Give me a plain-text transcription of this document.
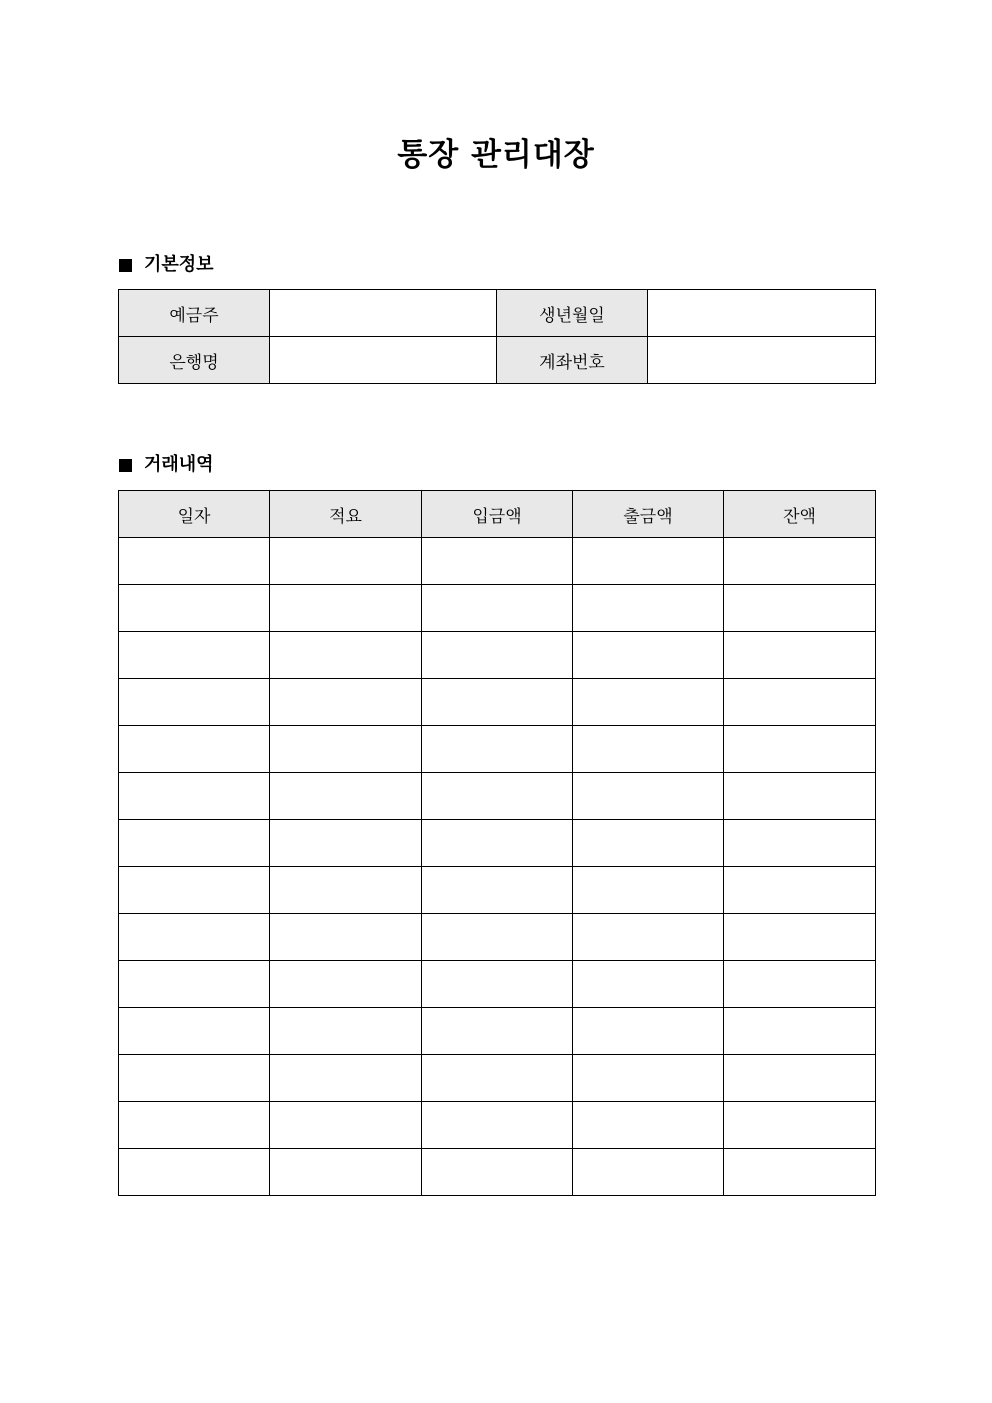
통장 관리대장
기본정보
예금주		생년월일	
은행명		계좌번호	
거래내역
일자	적요	입금액	출금액	잔액
